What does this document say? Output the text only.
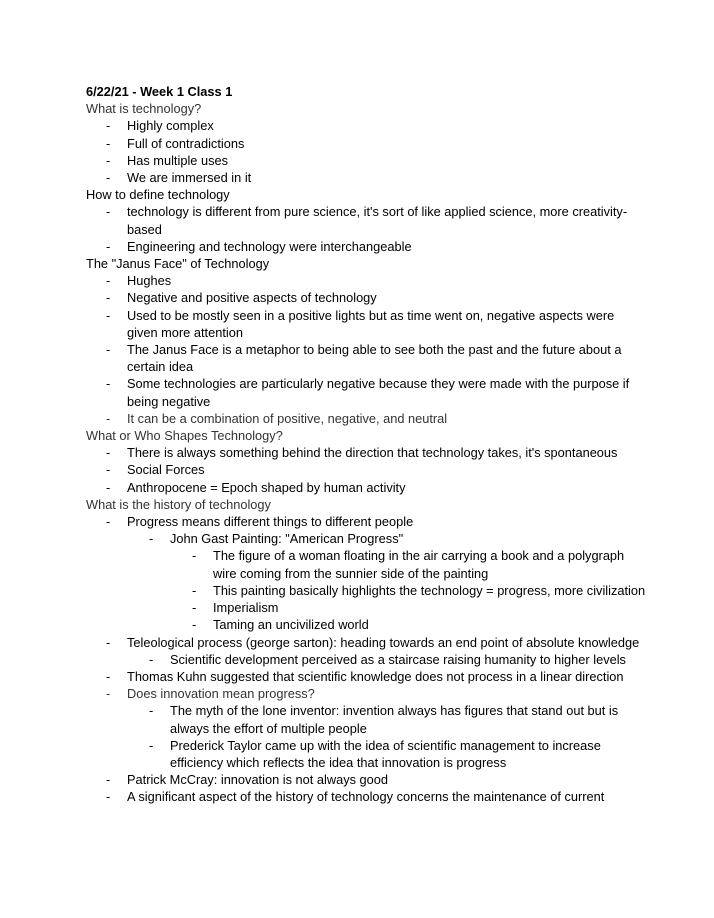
6/22/21 - Week 1 Class 1
What is technology?
- Highly complex
- Full of contradictions
- Has multiple uses
- We are immersed in it
How to define technology
- technology is different from pure science, it's sort of like applied science, more creativity-based
- Engineering and technology were interchangeable
The "Janus Face" of Technology
- Hughes
- Negative and positive aspects of technology
- Used to be mostly seen in a positive lights but as time went on, negative aspects were given more attention
- The Janus Face is a metaphor to being able to see both the past and the future about a certain idea
- Some technologies are particularly negative because they were made with the purpose if being negative
- It can be a combination of positive, negative, and neutral
What or Who Shapes Technology?
- There is always something behind the direction that technology takes, it's spontaneous
- Social Forces
- Anthropocene = Epoch shaped by human activity
What is the history of technology
- Progress means different things to different people
- John Gast Painting: "American Progress"
- The figure of a woman floating in the air carrying a book and a polygraph wire coming from the sunnier side of the painting
- This painting basically highlights the technology = progress, more civilization
- Imperialism
- Taming an uncivilized world
- Teleological process (george sarton): heading towards an end point of absolute knowledge
- Scientific development perceived as a staircase raising humanity to higher levels
- Thomas Kuhn suggested that scientific knowledge does not process in a linear direction
- Does innovation mean progress?
- The myth of the lone inventor: invention always has figures that stand out but is always the effort of multiple people
- Prederick Taylor came up with the idea of scientific management to increase efficiency which reflects the idea that innovation is progress
- Patrick McCray: innovation is not always good
- A significant aspect of the history of technology concerns the maintenance of current
